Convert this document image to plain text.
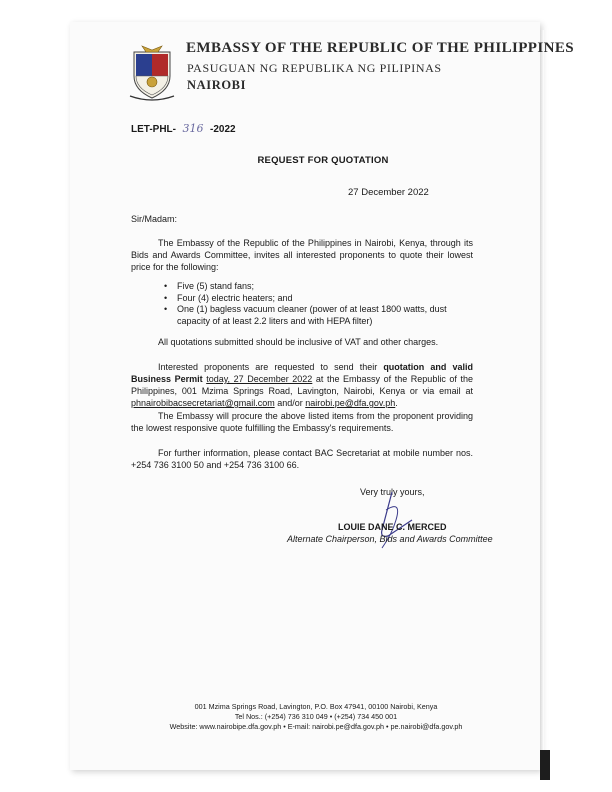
EMBASSY OF THE REPUBLIC OF THE PHILIPPINES
PASUGUAN NG REPUBLIKA NG PILIPINAS
NAIROBI
LET-PHL- 316 -2022
REQUEST FOR QUOTATION
27 December 2022
Sir/Madam:
The Embassy of the Republic of the Philippines in Nairobi, Kenya, through its Bids and Awards Committee, invites all interested proponents to quote their lowest price for the following:
• Five (5) stand fans;
• Four (4) electric heaters; and
• One (1) bagless vacuum cleaner (power of at least 1800 watts, dust capacity of at least 2.2 liters and with HEPA filter)
All quotations submitted should be inclusive of VAT and other charges.
Interested proponents are requested to send their quotation and valid Business Permit today, 27 December 2022 at the Embassy of the Republic of the Philippines, 001 Mzima Springs Road, Lavington, Nairobi, Kenya or via email at phnairobibacsecretariat@gmail.com and/or nairobi.pe@dfa.gov.ph.
The Embassy will procure the above listed items from the proponent providing the lowest responsive quote fulfilling the Embassy's requirements.
For further information, please contact BAC Secretariat at mobile number nos. +254 736 3100 50 and +254 736 3100 66.
Very truly yours,
LOUIE DANE C. MERCED
Alternate Chairperson, Bids and Awards Committee
001 Mzima Springs Road, Lavington, P.O. Box 47941, 00100 Nairobi, Kenya
Tel Nos.: (+254) 736 310 049 • (+254) 734 450 001
Website: www.nairobipe.dfa.gov.ph • E-mail: nairobi.pe@dfa.gov.ph • pe.nairobi@dfa.gov.ph
